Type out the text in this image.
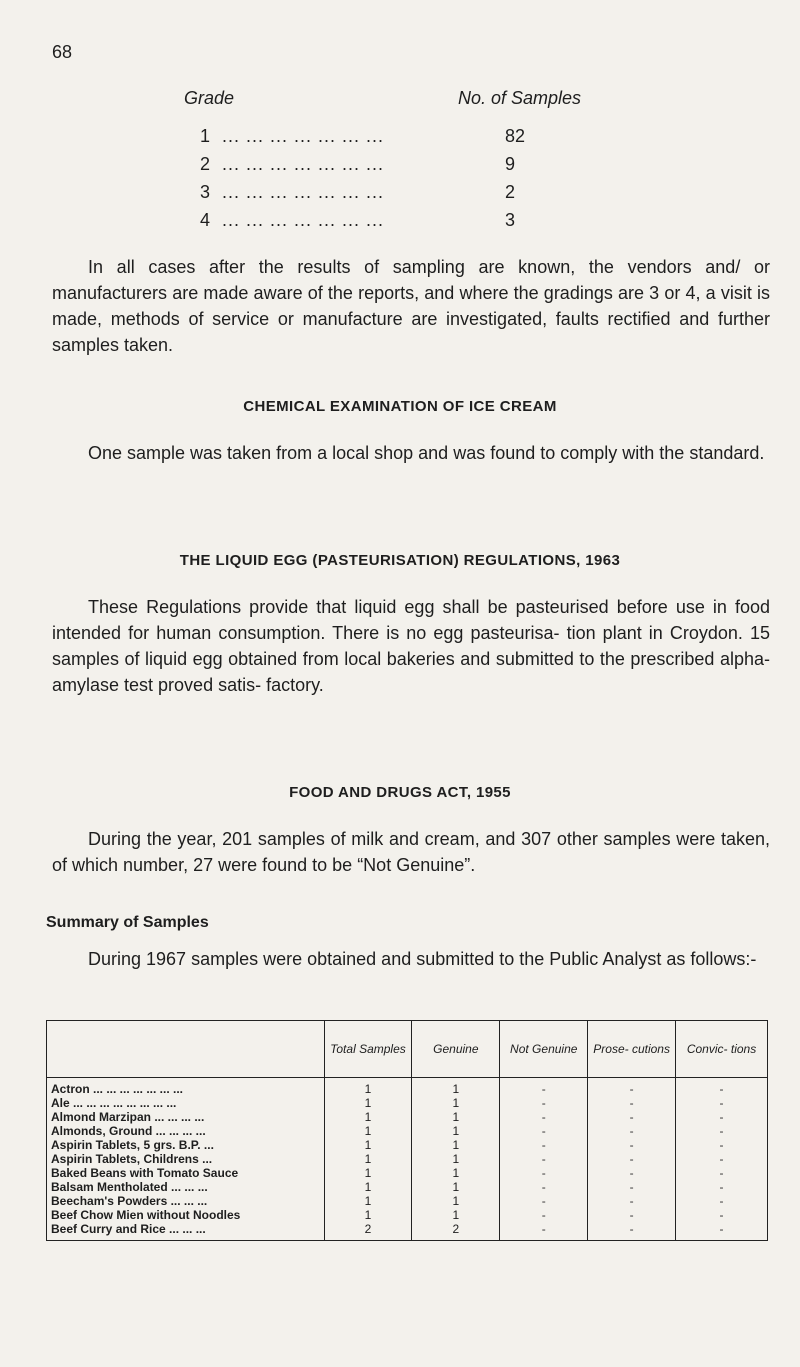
68
Grade	No. of Samples
1 ... ... ... ... ... ... ...	82
2 ... ... ... ... ... ... ...	9
3 ... ... ... ... ... ... ...	2
4 ... ... ... ... ... ... ...	3

In all cases after the results of sampling are known, the vendors and/ or manufacturers are made aware of the reports, and where the gradings are 3 or 4, a visit is made, methods of service or manufacture are investigated, faults rectified and further samples taken.

CHEMICAL EXAMINATION OF ICE CREAM

One sample was taken from a local shop and was found to comply with the standard.

THE LIQUID EGG (PASTEURISATION) REGULATIONS, 1963

These Regulations provide that liquid egg shall be pasteurised before use in food intended for human consumption. There is no egg pasteurisa- tion plant in Croydon. 15 samples of liquid egg obtained from local bakeries and submitted to the prescribed alpha-amylase test proved satis- factory.

FOOD AND DRUGS ACT, 1955

During the year, 201 samples of milk and cream, and 307 other samples were taken, of which number, 27 were found to be “Not Genuine”.

Summary of Samples
During 1967 samples were obtained and submitted to the Public Analyst as follows:-
	Total Samples	Genuine	Not Genuine	Prose- cutions	Convic- tions
Actron ... ... ... ... ... ... ...	1	1	-	-	-
Ale ... ... ... ... ... ... ... ...	1	1	-	-	-
Almond Marzipan ... ... ... ...	1	1	-	-	-
Almonds, Ground ... ... ... ...	1	1	-	-	-
Aspirin Tablets, 5 grs. B.P. ...	1	1	-	-	-
Aspirin Tablets, Childrens ...	1	1	-	-	-
Baked Beans with Tomato Sauce	1	1	-	-	-
Balsam Mentholated ... ... ...	1	1	-	-	-
Beecham's Powders ... ... ...	1	1	-	-	-
Beef Chow Mien without Noodles	1	1	-	-	-
Beef Curry and Rice ... ... ...	2	2	-	-	-
